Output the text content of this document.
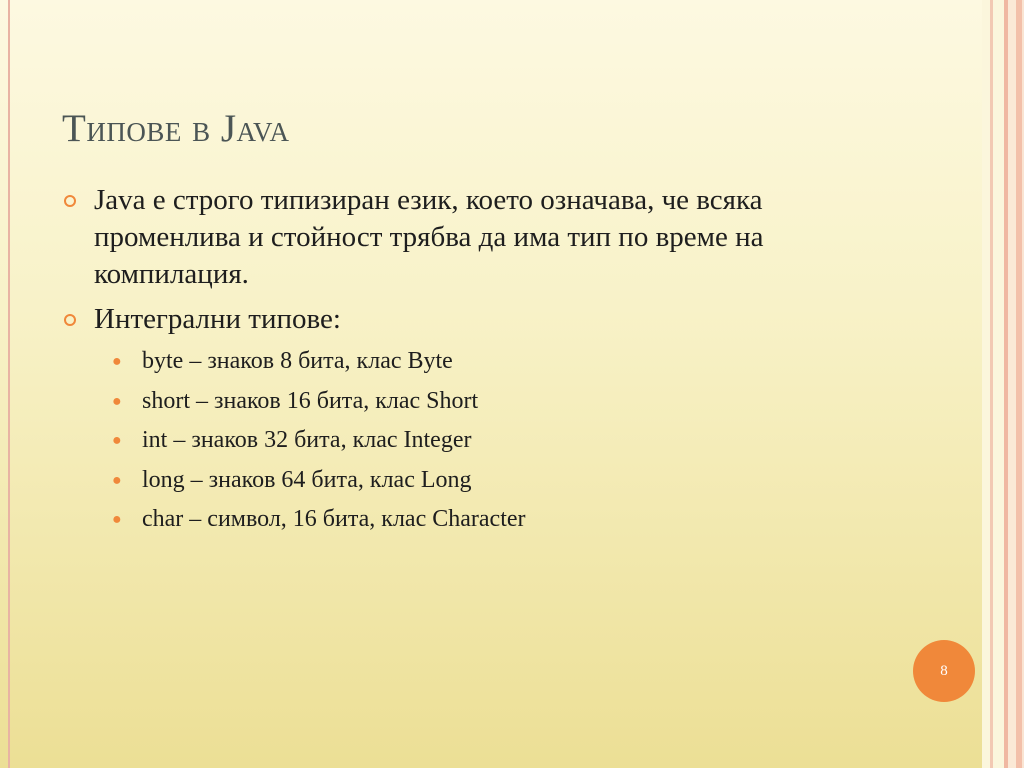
Типове в Java
Java е строго типизиран език, което означава, че всяка променлива и стойност трябва да има тип по време на компилация.
Интегрални типове:
● byte – знаков 8 бита, клас Byte
● short – знаков 16 бита, клас Short
● int – знаков 32 бита, клас Integer
● long – знаков 64 бита, клас Long
● char – символ, 16 бита, клас Character
8
